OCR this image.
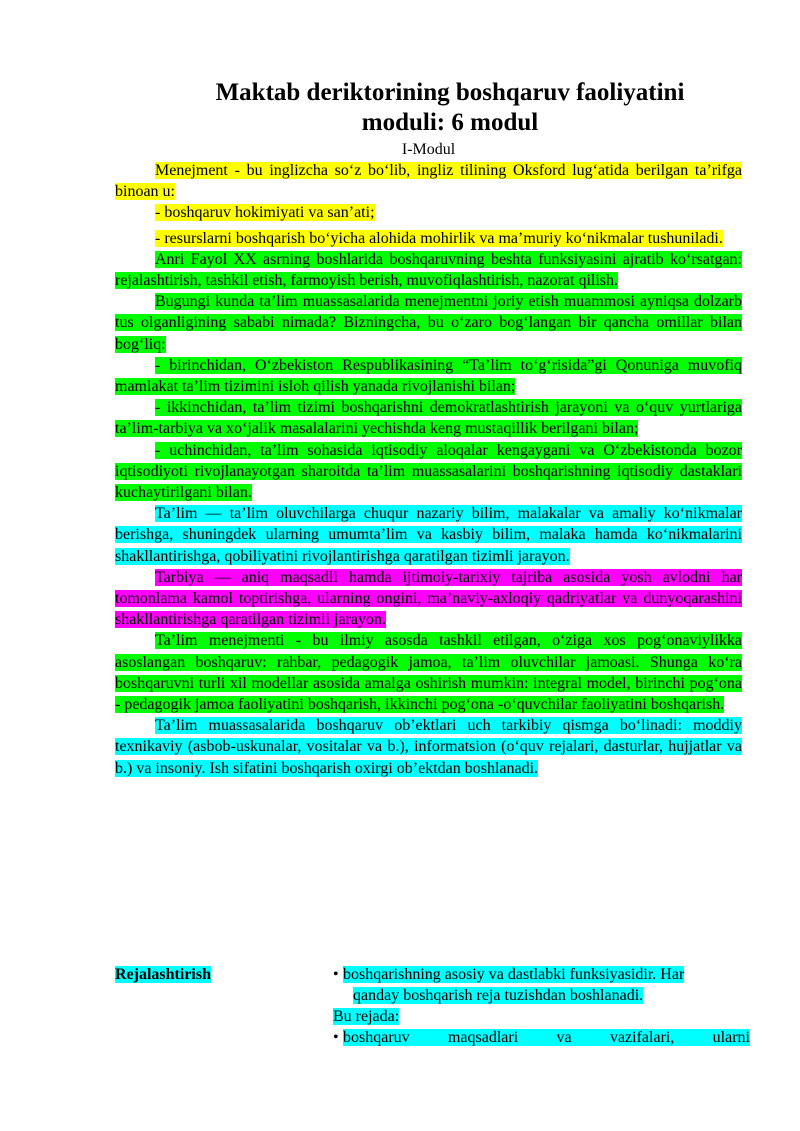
Maktab deriktorining boshqaruv faoliyatini
moduli: 6 modul
I-Modul

Menejment - bu inglizcha so‘z bo‘lib, ingliz tilining Oksford lug‘atida berilgan ta’rifga binoan u:

- boshqaruv hokimiyati va san’ati;

- resurslarni boshqarish bo‘yicha alohida mohirlik va ma’muriy ko‘nikmalar tushuniladi.

Anri Fayol XX asrning boshlarida boshqaruvning beshta funksiyasini ajratib ko‘rsatgan: rejalashtirish, tashkil etish, farmoyish berish, muvofiqlashtirish, nazorat qilish.

Bugungi kunda ta’lim muassasalarida menejmentni joriy etish muammosi ayniqsa dolzarb tus olganligining sababi nimada? Bizningcha, bu o‘zaro bog‘langan bir qancha omillar bilan bog‘liq:

- birinchidan, O‘zbekiston Respublikasining “Ta’lim to‘g‘risida”gi Qonuniga muvofiq mamlakat ta’lim tizimini isloh qilish yanada rivojlanishi bilan;

- ikkinchidan, ta’lim tizimi boshqarishni demokratlashtirish jarayoni va o‘quv yurtlariga ta’lim-tarbiya va xo‘jalik masalalarini yechishda keng mustaqillik berilgani bilan;

- uchinchidan, ta’lim sohasida iqtisodiy aloqalar kengaygani va O‘zbekistonda bozor iqtisodiyoti rivojlanayotgan sharoitda ta’lim muassasalarini boshqarishning iqtisodiy dastaklari kuchaytirilgani bilan.

Ta’lim — ta’lim oluvchilarga chuqur nazariy bilim, malakalar va amaliy ko‘nikmalar berishga, shuningdek ularning umumta’lim va kasbiy bilim, malaka hamda ko‘nikmalarini shakllantirishga, qobiliyatini rivojlantirishga qaratilgan tizimli jarayon.

Tarbiya — aniq maqsadli hamda ijtimoiy-tarixiy tajriba asosida yosh avlodni har tomonlama kamol toptirishga, ularning ongini, ma’naviy-axloqiy qadriyatlar va dunyoqarashini shakllantirishga qaratilgan tizimli jarayon.

Ta’lim menejmenti - bu ilmiy asosda tashkil etilgan, o‘ziga xos pog‘onaviylikka asoslangan boshqaruv: rahbar, pedagogik jamoa, ta’lim oluvchilar jamoasi. Shunga ko‘ra boshqaruvni turli xil modellar asosida amalga oshirish mumkin: integral model, birinchi pog‘ona - pedagogik jamoa faoliyatini boshqarish, ikkinchi pog‘ona -o‘quvchilar faoliyatini boshqarish.

Ta’lim muassasalarida boshqaruv ob’ektlari uch tarkibiy qismga bo‘linadi: moddiy texnikaviy (asbob-uskunalar, vositalar va b.), informatsion (o‘quv rejalari, dasturlar, hujjatlar va b.) va insoniy. Ish sifatini boshqarish oxirgi ob’ektdan boshlanadi.

Rejalashtirish	• boshqarishning asosiy va dastlabki funksiyasidir. Har

qanday boshqarish reja tuzishdan boshlanadi.
Bu rejada:
• boshqaruv maqsadlari va vazifalari, ularni
